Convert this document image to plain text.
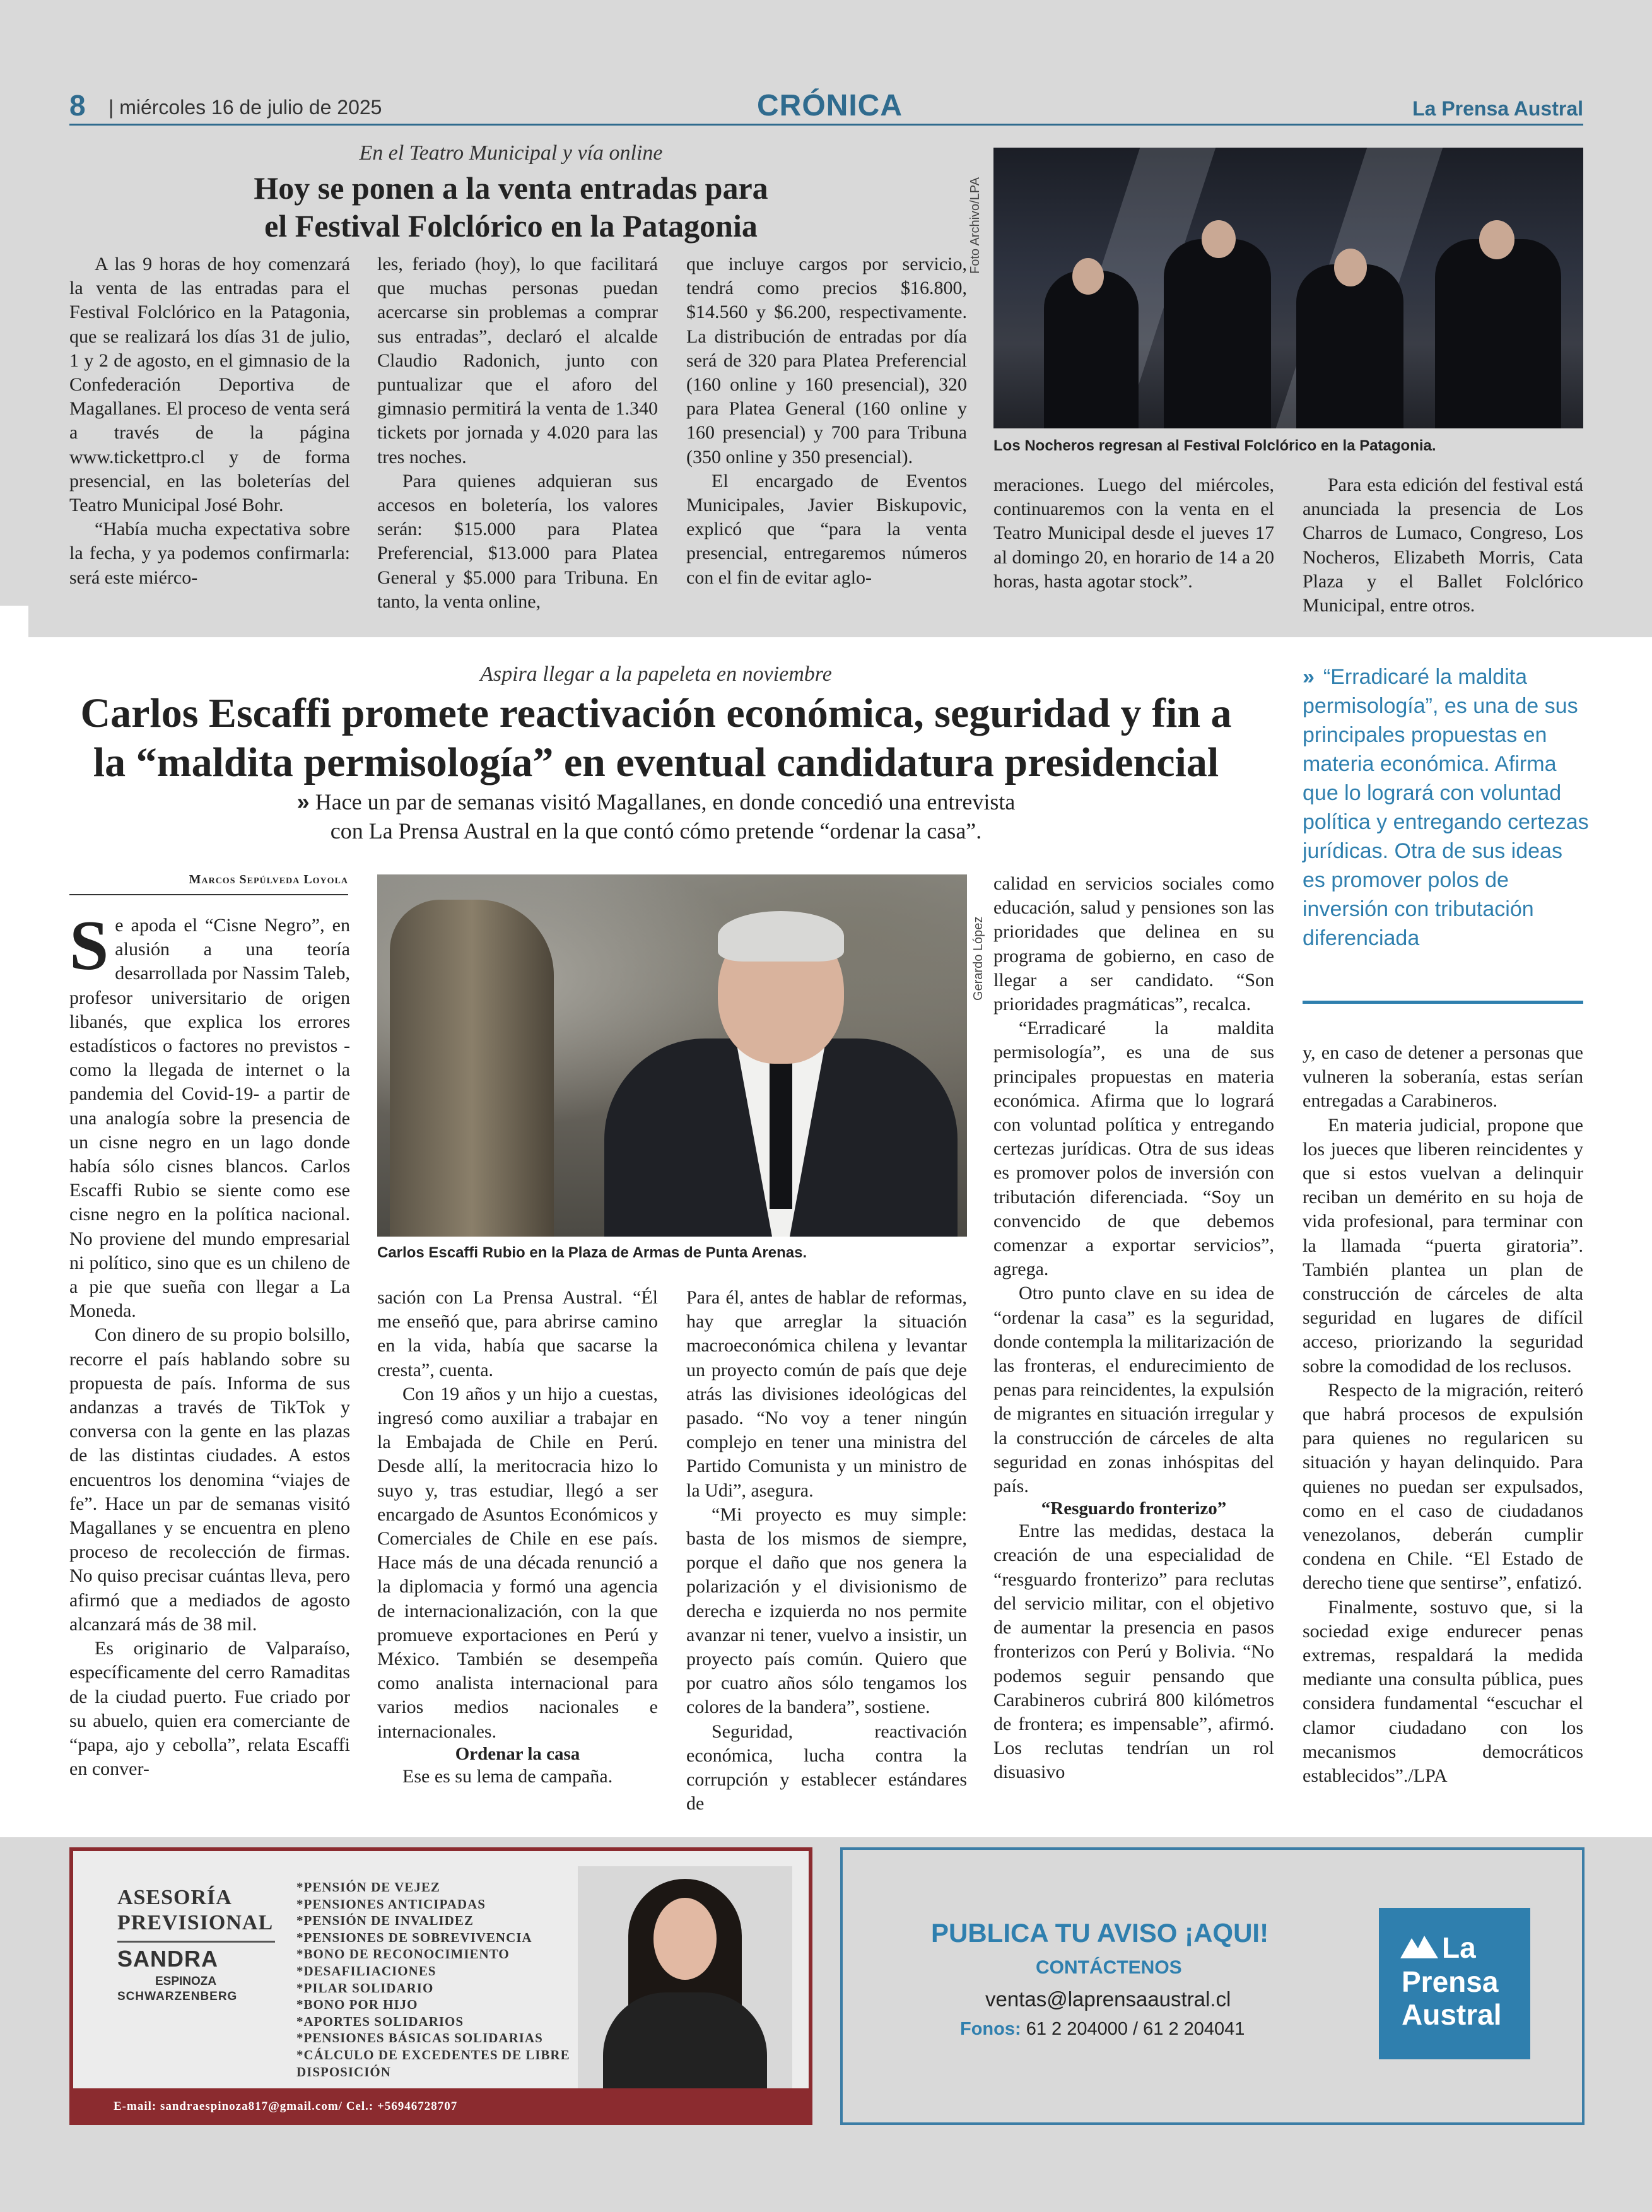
8 | miércoles 16 de julio de 2025	CRÓNICA	La Prensa Austral
En el Teatro Municipal y vía online
Hoy se ponen a la venta entradas para
el Festival Folclórico en la Patagonia

A las 9 horas de hoy comenzará la venta de las entradas para el Festival Folclórico en la Patagonia, que se realizará los días 31 de julio, 1 y 2 de agosto, en el gimnasio de la Confederación Deportiva de Magallanes. El proceso de venta será a través de la página www.tickettpro.cl y de forma presencial, en las boleterías del Teatro Municipal José Bohr.

“Había mucha expectativa sobre la fecha, y ya podemos confirmarla: será este miérco-

les, feriado (hoy), lo que facilitará que muchas personas puedan acercarse sin problemas a comprar sus entradas”, declaró el alcalde Claudio Radonich, junto con puntualizar que el aforo del gimnasio permitirá la venta de 1.340 tickets por jornada y 4.020 para las tres noches.

Para quienes adquieran sus accesos en boletería, los valores serán: $15.000 para Platea Preferencial, $13.000 para Platea General y $5.000 para Tribuna. En tanto, la venta online,

que incluye cargos por servicio, tendrá como precios $16.800, $14.560 y $6.200, respectivamente. La distribución de entradas por día será de 320 para Platea Preferencial (160 online y 160 presencial), 320 para Platea General (160 online y 160 presencial) y 700 para Tribuna (350 online y 350 presencial).

El encargado de Eventos Municipales, Javier Biskupovic, explicó que “para la venta presencial, entregaremos números con el fin de evitar aglo-

Foto Archivo/LPA
Los Nocheros regresan al Festival Folclórico en la Patagonia.

meraciones. Luego del miércoles, continuaremos con la venta en el Teatro Municipal desde el jueves 17 al domingo 20, en horario de 14 a 20 horas, hasta agotar stock”.

Para esta edición del festival está anunciada la presencia de Los Charros de Lumaco, Congreso, Los Nocheros, Elizabeth Morris, Cata Plaza y el Ballet Folclórico Municipal, entre otros.

Aspira llegar a la papeleta en noviembre
Carlos Escaffi promete reactivación económica, seguridad y fin a
la “maldita permisología” en eventual candidatura presidencial
» Hace un par de semanas visitó Magallanes, en donde concedió una entrevista
con La Prensa Austral en la que contó cómo pretende “ordenar la casa”.
Marcos Sepúlveda Loyola

Se apoda el “Cisne Negro”, en alusión a una teoría desarrollada por Nassim Taleb, profesor universitario de origen libanés, que explica los errores estadísticos o factores no previstos -como la llegada de internet o la pandemia del Covid-19- a partir de una analogía sobre la presencia de un cisne negro en un lago donde había sólo cisnes blancos. Carlos Escaffi Rubio se siente como ese cisne negro en la política nacional. No proviene del mundo empresarial ni político, sino que es un chileno de a pie que sueña con llegar a La Moneda.

Con dinero de su propio bolsillo, recorre el país hablando sobre su propuesta de país. Informa de sus andanzas a través de TikTok y conversa con la gente en las plazas de las distintas ciudades. A estos encuentros los denomina “viajes de fe”. Hace un par de semanas visitó Magallanes y se encuentra en pleno proceso de recolección de firmas. No quiso precisar cuántas lleva, pero afirmó que a mediados de agosto alcanzará más de 38 mil.

Es originario de Valparaíso, específicamente del cerro Ramaditas de la ciudad puerto. Fue criado por su abuelo, quien era comerciante de “papa, ajo y cebolla”, relata Escaffi en conver-

Gerardo López
Carlos Escaffi Rubio en la Plaza de Armas de Punta Arenas.

sación con La Prensa Austral. “Él me enseñó que, para abrirse camino en la vida, había que sacarse la cresta”, cuenta.

Con 19 años y un hijo a cuestas, ingresó como auxiliar a trabajar en la Embajada de Chile en Perú. Desde allí, la meritocracia hizo lo suyo y, tras estudiar, llegó a ser encargado de Asuntos Económicos y Comerciales de Chile en ese país. Hace más de una década renunció a la diplomacia y formó una agencia de internacionalización, con la que promueve exportaciones en Perú y México. También se desempeña como analista internacional para varios medios nacionales e internacionales.

Ordenar la casa

Ese es su lema de campaña.

Para él, antes de hablar de reformas, hay que arreglar la situación macroeconómica chilena y levantar un proyecto común de país que deje atrás las divisiones ideológicas del pasado. “No voy a tener ningún complejo en tener una ministra del Partido Comunista y un ministro de la Udi”, asegura.

“Mi proyecto es muy simple: basta de los mismos de siempre, porque el daño que nos genera la polarización y el divisionismo de derecha e izquierda no nos permite avanzar ni tener, vuelvo a insistir, un proyecto país común. Quiero que por cuatro años sólo tengamos los colores de la bandera”, sostiene.

Seguridad, reactivación económica, lucha contra la corrupción y establecer estándares de

calidad en servicios sociales como educación, salud y pensiones son las prioridades que delinea en su programa de gobierno, en caso de llegar a ser candidato. “Son prioridades pragmáticas”, recalca.

“Erradicaré la maldita permisología”, es una de sus principales propuestas en materia económica. Afirma que lo logrará con voluntad política y entregando certezas jurídicas. Otra de sus ideas es promover polos de inversión con tributación diferenciada. “Soy un convencido de que debemos comenzar a exportar servicios”, agrega.

Otro punto clave en su idea de “ordenar la casa” es la seguridad, donde contempla la militarización de las fronteras, el endurecimiento de penas para reincidentes, la expulsión de migrantes en situación irregular y la construcción de cárceles de alta seguridad en zonas inhóspitas del país.

“Resguardo fronterizo”

Entre las medidas, destaca la creación de una especialidad de “resguardo fronterizo” para reclutas del servicio militar, con el objetivo de aumentar la presencia en pasos fronterizos con Perú y Bolivia. “No podemos seguir pensando que Carabineros cubrirá 800 kilómetros de frontera; es impensable”, afirmó. Los reclutas tendrían un rol disuasivo

y, en caso de detener a personas que vulneren la soberanía, estas serían entregadas a Carabineros.

En materia judicial, propone que los jueces que liberen reincidentes y que si estos vuelvan a delinquir reciban un demérito en su hoja de vida profesional, para terminar con la llamada “puerta giratoria”. También plantea un plan de construcción de cárceles de alta seguridad en lugares de difícil acceso, priorizando la seguridad sobre la comodidad de los reclusos.

Respecto de la migración, reiteró que habrá procesos de expulsión para quienes no regularicen su situación y hayan delinquido. Para quienes no puedan ser expulsados, como en el caso de ciudadanos venezolanos, deberán cumplir condena en Chile. “El Estado de derecho tiene que sentirse”, enfatizó.

Finalmente, sostuvo que, si la sociedad exige endurecer penas extremas, respaldará la medida mediante una consulta pública, pues considera fundamental “escuchar el clamor ciudadano con los mecanismos democráticos establecidos”./LPA

» “Erradicaré la maldita permisología”, es una de sus principales propuestas en materia económica. Afirma que lo logrará con voluntad política y entregando certezas jurídicas. Otra de sus ideas es promover polos de inversión con tributación diferenciada
ASESORÍA
PREVISIONAL
SANDRA
ESPINOZA
SCHWARZENBERG
*PENSIÓN DE VEJEZ
*PENSIONES ANTICIPADAS
*PENSIÓN DE INVALIDEZ
*PENSIONES DE SOBREVIVENCIA
*BONO DE RECONOCIMIENTO
*DESAFILIACIONES
*PILAR SOLIDARIO
*BONO POR HIJO
*APORTES SOLIDARIOS
*PENSIONES BÁSICAS SOLIDARIAS
*CÁLCULO DE EXCEDENTES DE LIBRE
DISPOSICIÓN
E-mail: sandraespinoza817@gmail.com/ Cel.: +56946728707
PUBLICA TU AVISO ¡AQUI!
CONTÁCTENOS
ventas@laprensaaustral.cl
Fonos: 61 2 204000 / 61 2 204041
La
Prensa
Austral
